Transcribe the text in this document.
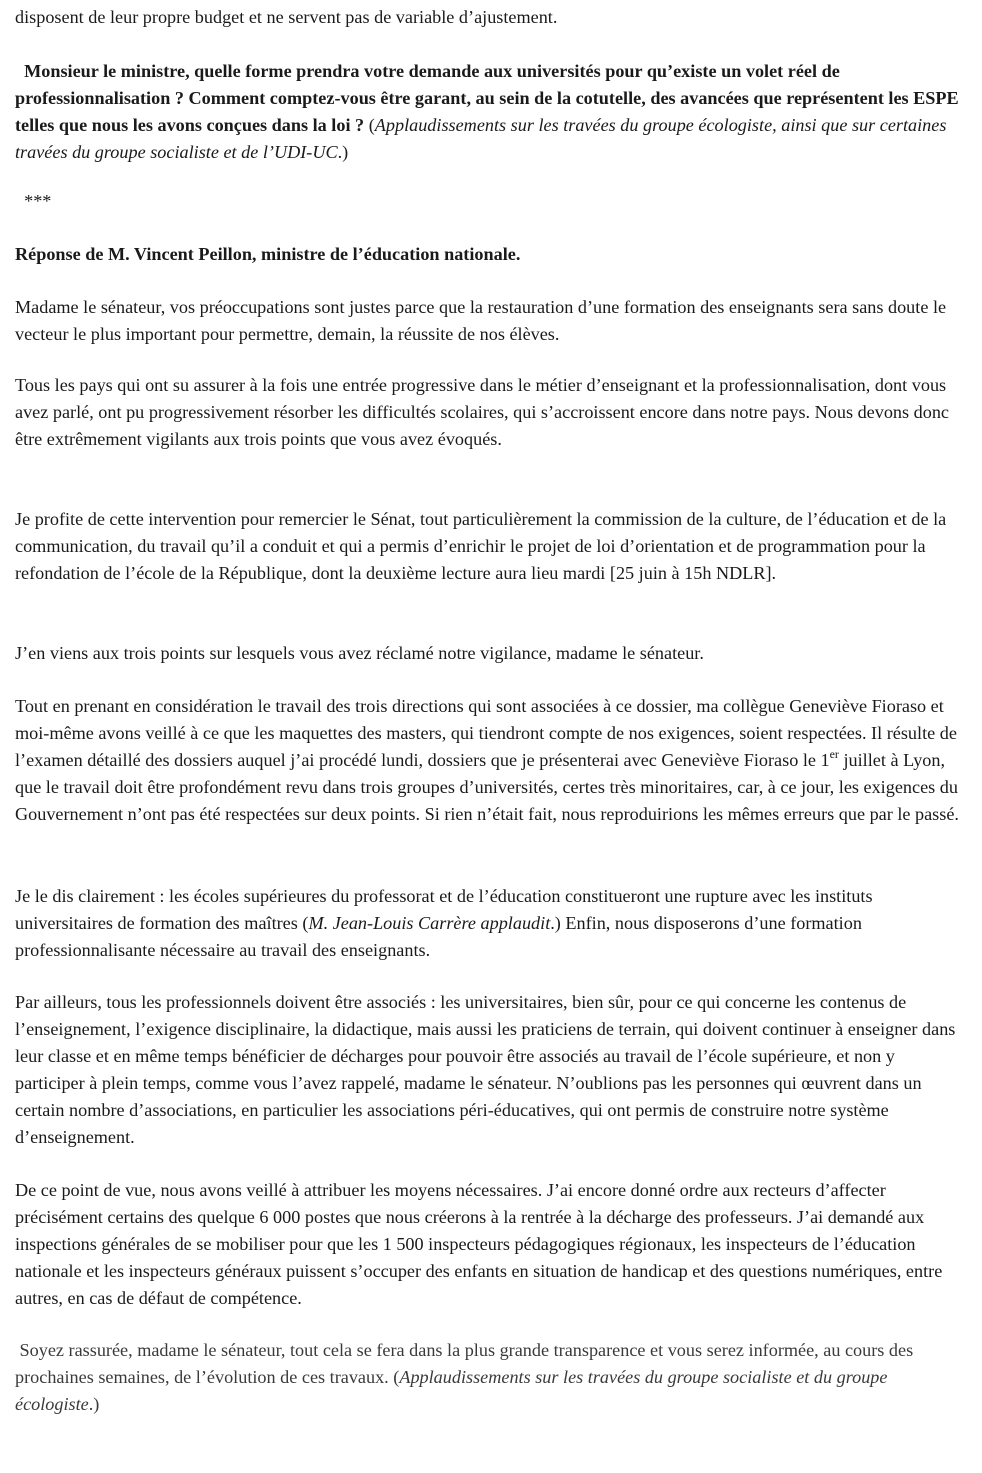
disposent de leur propre budget et ne servent pas de variable d’ajustement.

Monsieur le ministre, quelle forme prendra votre demande aux universités pour qu’existe un volet réel de professionnalisation ? Comment comptez-vous être garant, au sein de la cotutelle, des avancées que représentent les ESPE telles que nous les avons conçues dans la loi ? (Applaudissements sur les travées du groupe écologiste, ainsi que sur certaines travées du groupe socialiste et de l’UDI-UC.)

***

Réponse de M. Vincent Peillon, ministre de l’éducation nationale.

Madame le sénateur, vos préoccupations sont justes parce que la restauration d’une formation des enseignants sera sans doute le vecteur le plus important pour permettre, demain, la réussite de nos élèves.

Tous les pays qui ont su assurer à la fois une entrée progressive dans le métier d’enseignant et la professionnalisation, dont vous avez parlé, ont pu progressivement résorber les difficultés scolaires, qui s’accroissent encore dans notre pays. Nous devons donc être extrêmement vigilants aux trois points que vous avez évoqués.

Je profite de cette intervention pour remercier le Sénat, tout particulièrement la commission de la culture, de l’éducation et de la communication, du travail qu’il a conduit et qui a permis d’enrichir le projet de loi d’orientation et de programmation pour la refondation de l’école de la République, dont la deuxième lecture aura lieu mardi [25 juin à 15h NDLR].

J’en viens aux trois points sur lesquels vous avez réclamé notre vigilance, madame le sénateur.

Tout en prenant en considération le travail des trois directions qui sont associées à ce dossier, ma collègue Geneviève Fioraso et moi-même avons veillé à ce que les maquettes des masters, qui tiendront compte de nos exigences, soient respectées. Il résulte de l’examen détaillé des dossiers auquel j’ai procédé lundi, dossiers que je présenterai avec Geneviève Fioraso le 1er juillet à Lyon, que le travail doit être profondément revu dans trois groupes d’universités, certes très minoritaires, car, à ce jour, les exigences du Gouvernement n’ont pas été respectées sur deux points. Si rien n’était fait, nous reproduirions les mêmes erreurs que par le passé.

Je le dis clairement : les écoles supérieures du professorat et de l’éducation constitueront une rupture avec les instituts universitaires de formation des maîtres (M. Jean-Louis Carrère applaudit.) Enfin, nous disposerons d’une formation professionnalisante nécessaire au travail des enseignants.

Par ailleurs, tous les professionnels doivent être associés : les universitaires, bien sûr, pour ce qui concerne les contenus de l’enseignement, l’exigence disciplinaire, la didactique, mais aussi les praticiens de terrain, qui doivent continuer à enseigner dans leur classe et en même temps bénéficier de décharges pour pouvoir être associés au travail de l’école supérieure, et non y participer à plein temps, comme vous l’avez rappelé, madame le sénateur. N’oublions pas les personnes qui œuvrent dans un certain nombre d’associations, en particulier les associations péri-éducatives, qui ont permis de construire notre système d’enseignement.

De ce point de vue, nous avons veillé à attribuer les moyens nécessaires. J’ai encore donné ordre aux recteurs d’affecter précisément certains des quelque 6 000 postes que nous créerons à la rentrée à la décharge des professeurs. J’ai demandé aux inspections générales de se mobiliser pour que les 1 500 inspecteurs pédagogiques régionaux, les inspecteurs de l’éducation nationale et les inspecteurs généraux puissent s’occuper des enfants en situation de handicap et des questions numériques, entre autres, en cas de défaut de compétence.

Soyez rassurée, madame le sénateur, tout cela se fera dans la plus grande transparence et vous serez informée, au cours des prochaines semaines, de l’évolution de ces travaux. (Applaudissements sur les travées du groupe socialiste et du groupe écologiste.)
